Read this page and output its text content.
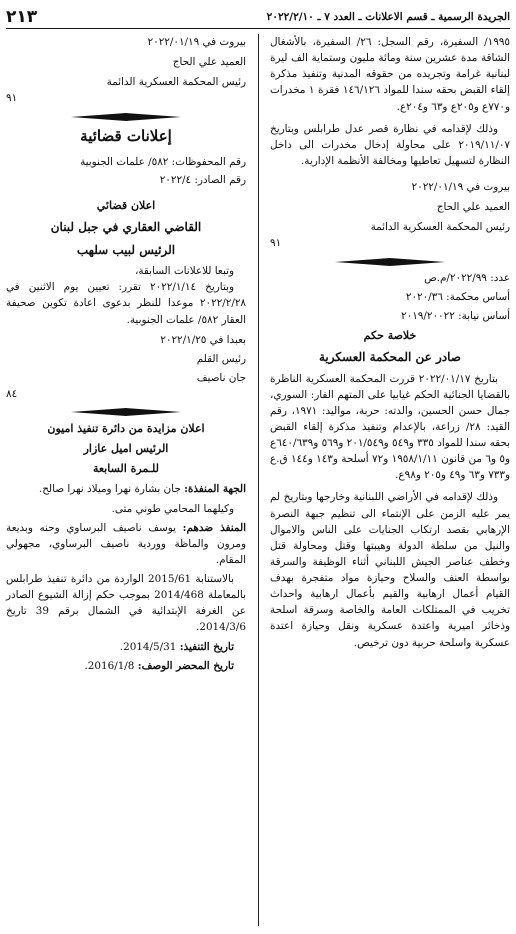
الجريدة الرسمية ـ قسم الاعلانات ـ العدد ٧ ـ ٢٠٢٢/٢/١٠
٢١٣

١٩٩٥/ السفيرة، رقم السجل: ٢٦/ السفيرة، بالأشغال الشاقة مدة عشرين سنة ومائة مليون وستماية الف ليرة لبنانية غرامة وتجريده من حقوقه المدنية وتنفيذ مذكرة إلقاء القبض بحقه سندا للمواد ١٤٦/١٢٦ فقرة ١ مخدرات و٧٧٠ع و٢٠٥ع و٦٣ و٢٠٤ع.

وذلك لإقدامه في نظارة قصر عدل طرابلس وبتاريخ ٢٠١٩/١١/٠٧ على محاولة إدخال مخدرات الى داخل النظارة لتسهيل تعاطيها ومخالفة الأنظمة الإدارية.

بيروت في ٢٠٢٢/٠١/١٩

العميد علي الحاج

رئيس المحكمة العسكرية الدائمة

٩١

عدد: ٢٠٢٢/٩٩/م.ص

أساس محكمة: ٢٠٢٠/٣٦

أساس نيابة: ٢٠١٩/٢٠٠٢٢

خلاصة حكم
صادر عن المحكمة العسكرية

بتاريخ ٢٠٢٢/٠١/١٧ قررت المحكمة العسكرية الناظرة بالقضايا الجنائية الحكم غيابيا على المتهم الفار: السوري، جمال حسن الحسين، والدته: حربة، مواليد: ١٩٧١، رقم القيد: ٢٨/ زراعة، بالإعدام وتنفيذ مذكرة إلقاء القبض بحقه سندا للمواد ٣٣٥ و٥٤٩ و٢٠١/٥٤٩ و٥٦٩ و٦٤٠/٦٣٩ع و٥ و٦ من قانون ١٩٥٨/١/١١ و٧٢ أسلحة و١٤٣ و١٤٤ ق.ع و٧٣٣ و٦٣ و٤٩ و٢٠٥ و٩٨ع.

وذلك لإقدامه في الأراضي اللبنانية وخارجها وبتاريخ لم يمر عليه الزمن على الإنتماء الى تنظيم جبهة النصرة الإرهابي بقصد ارتكاب الجنايات على الناس والاموال والنيل من سلطة الدولة وهيبتها وقتل ومحاولة قتل وخطف عناصر الجيش اللبناني أثناء الوظيفة والسرقة بواسطة العنف والسلاح وحيازة مواد متفجرة بهدف القيام أعمال ارهابية والقيم بأعمال ارهابية واحداث تخريب في الممتلكات العامة والخاصة وسرقة اسلحة وذخائر اميرية واعتدة عسكرية ونقل وحيازة اعتدة عسكرية واسلحة حربية دون ترخيص.

بيروت في ٢٠٢٢/٠١/١٩

العميد علي الحاج

رئيس المحكمة العسكرية الدائمة

٩١

إعلانات قضائية

رقم المحفوظات: ٥٨٢/ علمات الجنوبية

رقم الصادر: ٢٠٢٢/٤

اعلان قضائي
القاضي العقاري في جبل لبنان
الرئيس لبيب سلهب

وتبعا للاعلانات السابقة،

وبتاريخ ٢٠٢٢/١/١٤ تقرر: تعيين يوم الاثنين في ٢٠٢٢/٢/٢٨ موعدا للنظر بدعوى اعادة تكوين صحيفة العقار ٥٨٢/ علمات الجنوبية.

بعبدا في ٢٠٢٢/١/٢٥

رئيس القلم

جان ناصيف

٨٤

اعلان مزايدة من دائرة تنفيذ اميون
الرئيس اميل عازار
للـمرة السابعة

الجهة المنفذة: جان بشارة نهرا وميلاد نهرا صالح.

وكيلهما المحامي طوني متى.

المنفذ ضدهم: يوسف ناصيف البرساوي وحنه وبديعة ومرون والماظة ووردية ناصيف البرساوي، مجهولي المقام.

بالاستنابة 2015/61 الواردة من دائرة تنفيذ طرابلس بالمعاملة 2014/468 بموجب حكم إزالة الشيوع الصادر عن الغرفة الإبتدائية في الشمال برقم 39 تاريخ 2014/3/6.

تاريخ التنفيذ: 2014/5/31.

تاريخ المحضر الوصف: 2016/1/8.
